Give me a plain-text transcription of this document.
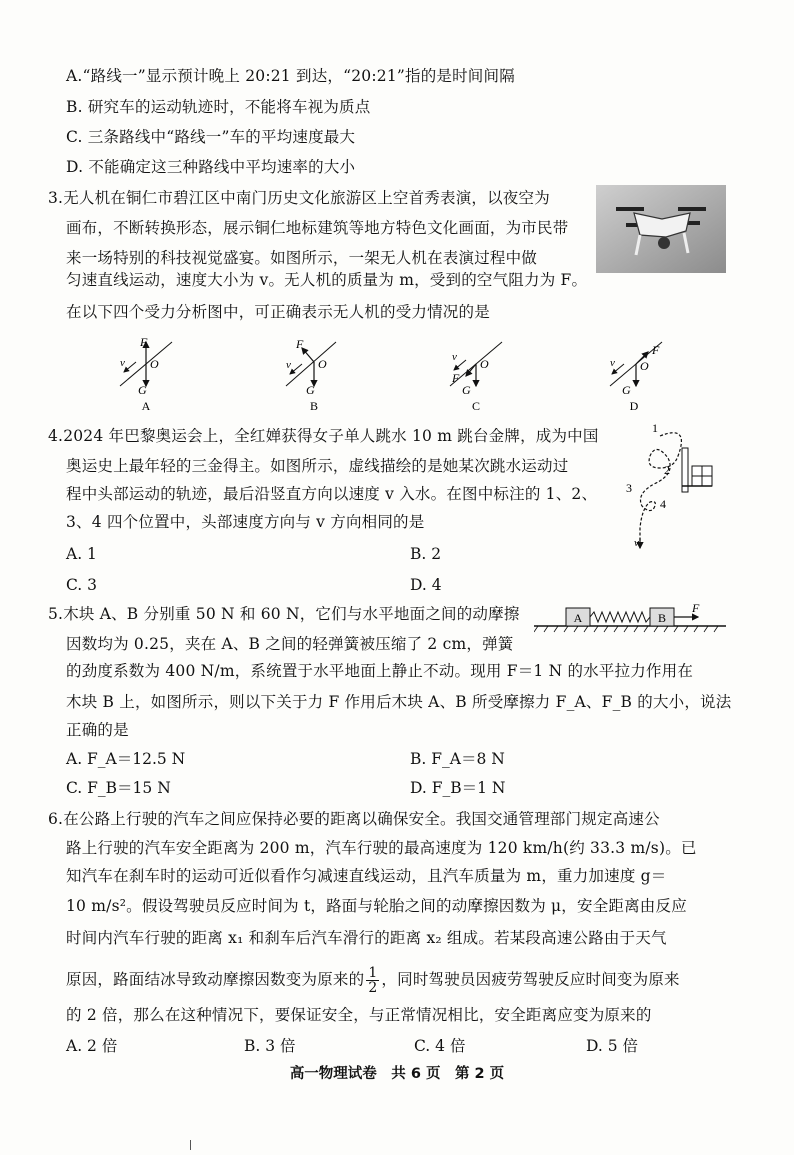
A.“路线一”显示预计晚上 20:21 到达，“20:21”指的是时间间隔
B. 研究车的运动轨迹时，不能将车视为质点
C. 三条路线中“路线一”车的平均速度最大
D. 不能确定这三种路线中平均速率的大小
3.无人机在铜仁市碧江区中南门历史文化旅游区上空首秀表演，以夜空为
画布，不断转换形态，展示铜仁地标建筑等地方特色文化画面，为市民带
来一场特别的科技视觉盛宴。如图所示，一架无人机在表演过程中做
匀速直线运动，速度大小为 v。无人机的质量为 m，受到的空气阻力为 F。
在以下四个受力分析图中，可正确表示无人机的受力情况的是
F
O
G
v
A
F
O
G
v
B
F
O
G
v
C
F
O
G
v
D
4.2024 年巴黎奥运会上，全红婵获得女子单人跳水 10 m 跳台金牌，成为中国
奥运史上最年轻的三金得主。如图所示，虚线描绘的是她某次跳水运动过
程中头部运动的轨迹，最后沿竖直方向以速度 v 入水。在图中标注的 1、2、
3、4 四个位置中，头部速度方向与 v 方向相同的是
A. 1	B. 2
C. 3	D. 4
1
2
3
4
v
5.木块 A、B 分别重 50 N 和 60 N，它们与水平地面之间的动摩擦
因数均为 0.25，夹在 A、B 之间的轻弹簧被压缩了 2 cm，弹簧
的劲度系数为 400 N/m，系统置于水平地面上静止不动。现用 F＝1 N 的水平拉力作用在
木块 B 上，如图所示，则以下关于力 F 作用后木块 A、B 所受摩擦力 F_A、F_B 的大小，说法
正确的是
A. F_A＝12.5 N	B. F_A＝8 N
C. F_B＝15 N	D. F_B＝1 N
A	B
F
6.在公路上行驶的汽车之间应保持必要的距离以确保安全。我国交通管理部门规定高速公
路上行驶的汽车安全距离为 200 m，汽车行驶的最高速度为 120 km/h(约 33.3 m/s)。已
知汽车在刹车时的运动可近似看作匀减速直线运动，且汽车质量为 m，重力加速度 g＝
10 m/s²。假设驾驶员反应时间为 t，路面与轮胎之间的动摩擦因数为 μ，安全距离由反应
时间内汽车行驶的距离 x₁ 和刹车后汽车滑行的距离 x₂ 组成。若某段高速公路由于天气
原因，路面结冰导致动摩擦因数变为原来的 $\frac{1}{2}$ ，同时驾驶员因疲劳驾驶反应时间变为原来
的 2 倍，那么在这种情况下，要保证安全，与正常情况相比，安全距离应变为原来的
A. 2 倍	B. 3 倍	C. 4 倍	D. 5 倍
高一物理试卷　共 6 页　第 2 页
